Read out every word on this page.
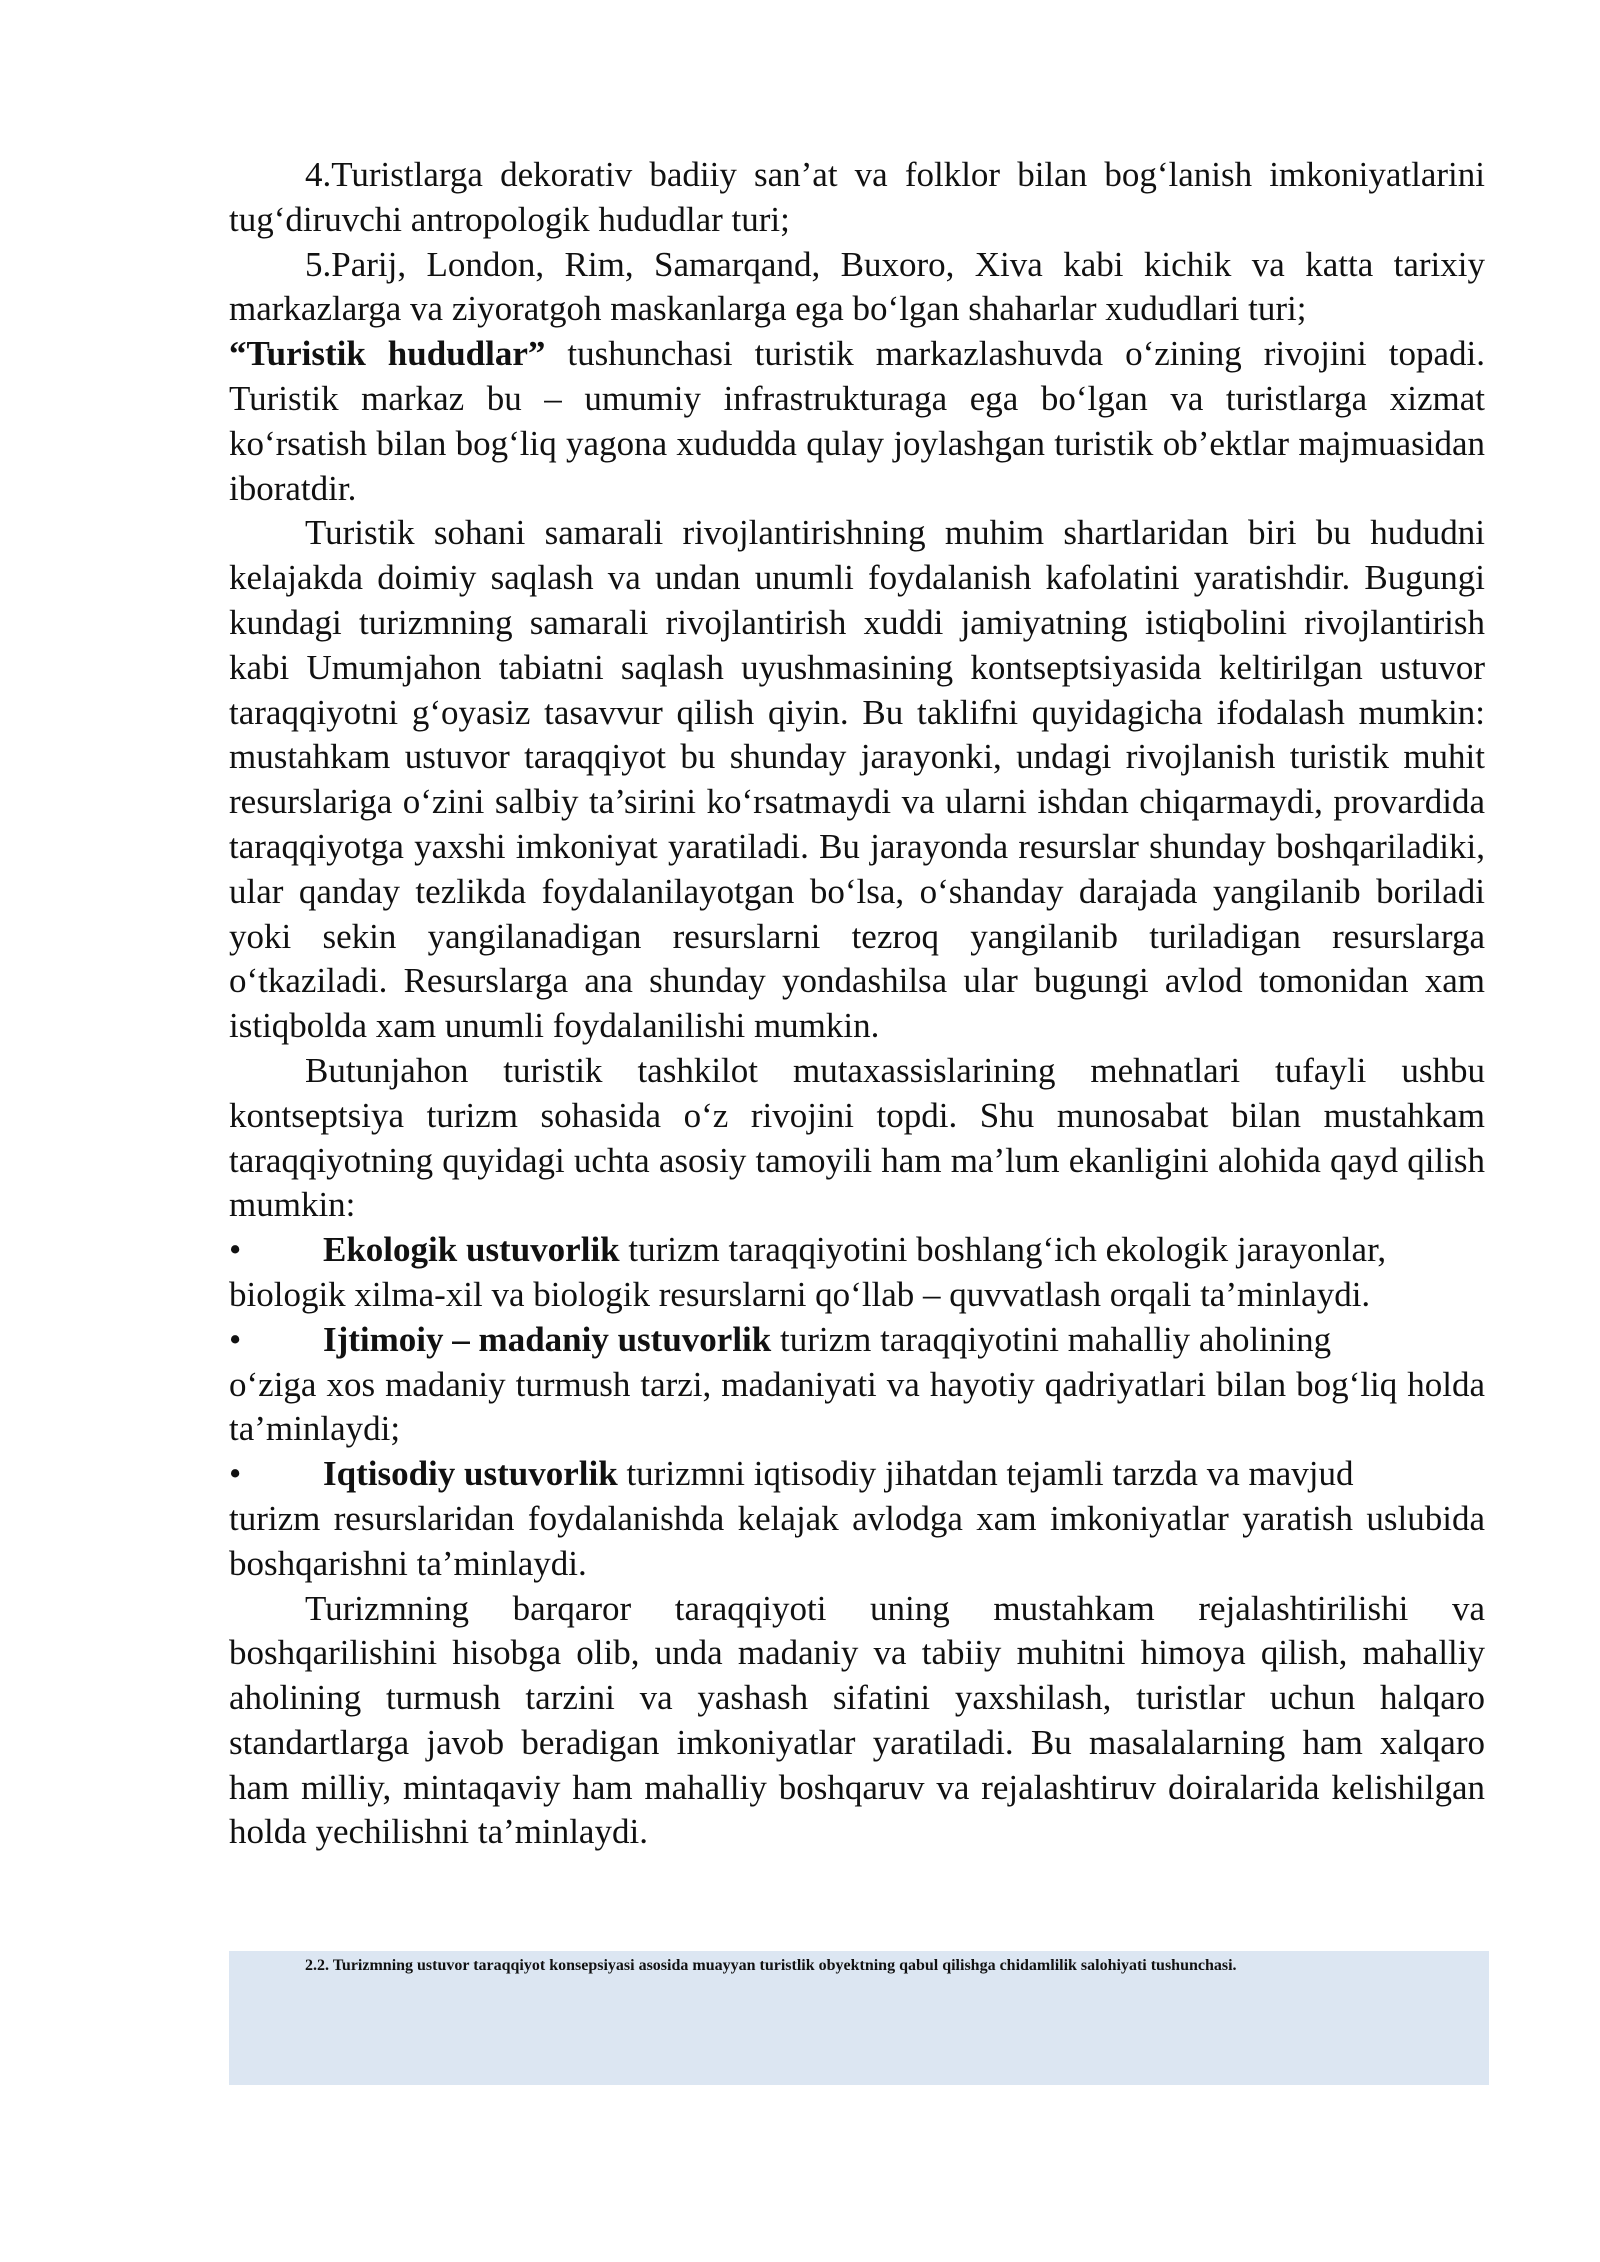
4.Turistlarga dekorativ badiiy san’at va folklor bilan bog‘lanish imkoniyatlarini tug‘diruvchi antropologik hududlar turi;

5.Parij, London, Rim, Samarqand, Buxoro, Xiva kabi kichik va katta tarixiy markazlarga va ziyoratgoh maskanlarga ega bo‘lgan shaharlar xududlari turi;

“Turistik hududlar” tushunchasi turistik markazlashuvda o‘zining rivojini topadi. Turistik markaz bu – umumiy infrastrukturaga ega bo‘lgan va turistlarga xizmat ko‘rsatish bilan bog‘liq yagona xududda qulay joylashgan turistik ob’ektlar majmuasidan iboratdir.

Turistik sohani samarali rivojlantirishning muhim shartlaridan biri bu hududni kelajakda doimiy saqlash va undan unumli foydalanish kafolatini yaratishdir. Bugungi kundagi turizmning samarali rivojlantirish xuddi jamiyatning istiqbolini rivojlantirish kabi Umumjahon tabiatni saqlash uyushmasining kontseptsiyasida keltirilgan ustuvor taraqqiyotni g‘oyasiz tasavvur qilish qiyin. Bu taklifni quyidagicha ifodalash mumkin: mustahkam ustuvor taraqqiyot bu shunday jarayonki, undagi rivojlanish turistik muhit resurslariga o‘zini salbiy ta’sirini ko‘rsatmaydi va ularni ishdan chiqarmaydi, provardida taraqqiyotga yaxshi imkoniyat yaratiladi. Bu jarayonda resurslar shunday boshqariladiki, ular qanday tezlikda foydalanilayotgan bo‘lsa, o‘shanday darajada yangilanib boriladi yoki sekin yangilanadigan resurslarni tezroq yangilanib turiladigan resurslarga o‘tkaziladi. Resurslarga ana shunday yondashilsa ular bugungi avlod tomonidan xam istiqbolda xam unumli foydalanilishi mumkin.

Butunjahon turistik tashkilot mutaxassislarining mehnatlari tufayli ushbu kontseptsiya turizm sohasida o‘z rivojini topdi. Shu munosabat bilan mustahkam taraqqiyotning quyidagi uchta asosiy tamoyili ham ma’lum ekanligini alohida qayd qilish mumkin:

•	Ekologik ustuvorlik turizm taraqqiyotini boshlang‘ich ekologik jarayonlar,
biologik xilma-xil va biologik resurslarni qo‘llab – quvvatlash orqali ta’minlaydi.
•	Ijtimoiy – madaniy ustuvorlik turizm taraqqiyotini mahalliy aholining
o‘ziga xos madaniy turmush tarzi, madaniyati va hayotiy qadriyatlari bilan bog‘liq holda ta’minlaydi;
•	Iqtisodiy ustuvorlik turizmni iqtisodiy jihatdan tejamli tarzda va mavjud
turizm resurslaridan foydalanishda kelajak avlodga xam imkoniyatlar yaratish uslubida boshqarishni ta’minlaydi.

Turizmning barqaror taraqqiyoti uning mustahkam rejalashtirilishi va boshqarilishini hisobga olib, unda madaniy va tabiiy muhitni himoya qilish, mahalliy aholining turmush tarzini va yashash sifatini yaxshilash, turistlar uchun halqaro standartlarga javob beradigan imkoniyatlar yaratiladi. Bu masalalarning ham xalqaro ham milliy, mintaqaviy ham mahalliy boshqaruv va rejalashtiruv doiralarida kelishilgan holda yechilishni ta’minlaydi.

2.2. Turizmning ustuvor taraqqiyot konsepsiyasi asosida muayyan turistlik obyektning qabul qilishga chidamlilik salohiyati tushunchasi.
